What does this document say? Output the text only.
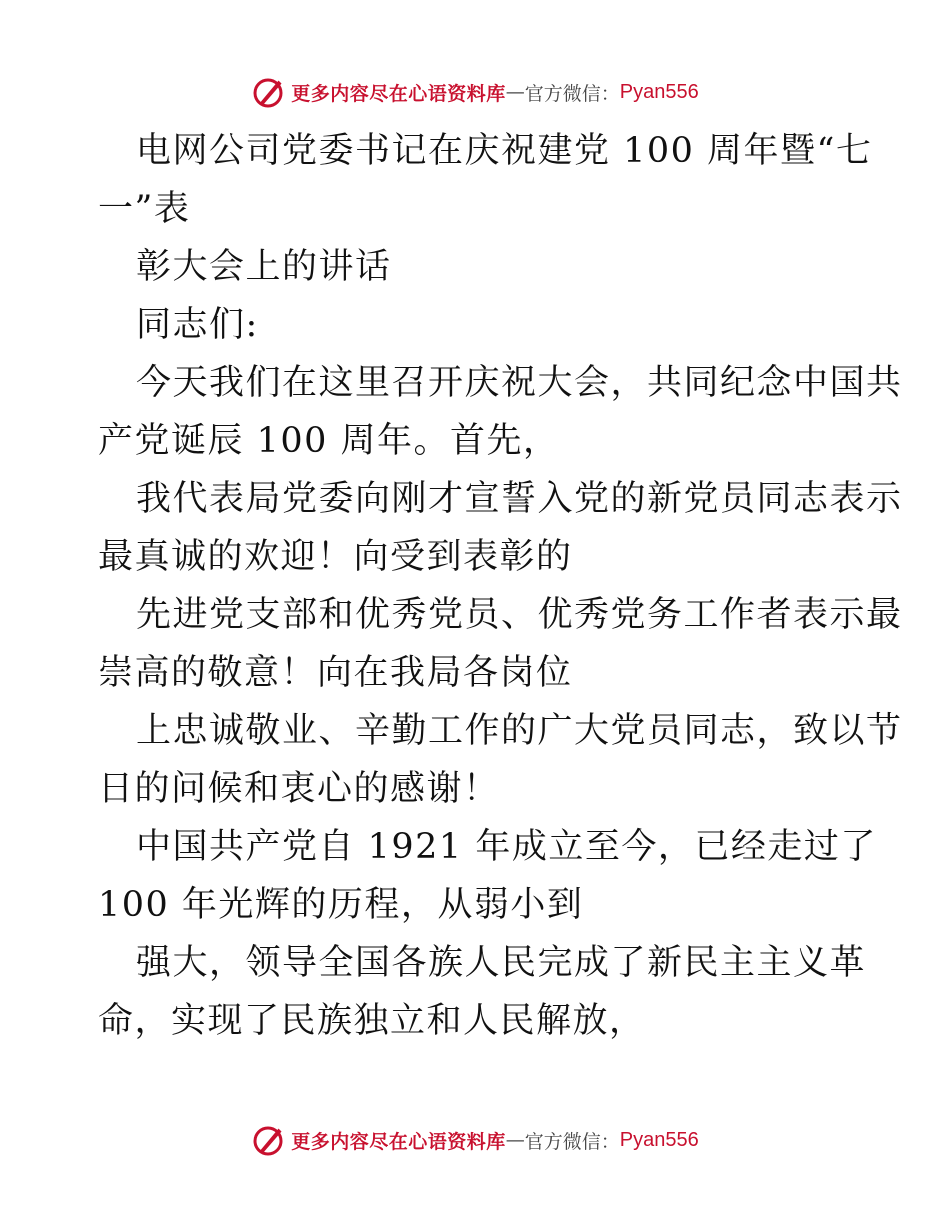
更多内容尽在心语资料库 — 官方微信： Pyan556
电网公司党委书记在庆祝建党 100 周年暨“七
一”表
彰大会上的讲话
同志们:
今天我们在这里召开庆祝大会，共同纪念中国共
产党诞辰 100 周年。首先，
我代表局党委向刚才宣誓入党的新党员同志表示
最真诚的欢迎！向受到表彰的
先进党支部和优秀党员、优秀党务工作者表示最
崇高的敬意！向在我局各岗位
上忠诚敬业、辛勤工作的广大党员同志，致以节
日的问候和衷心的感谢！
中国共产党自 1921 年成立至今，已经走过了
100 年光辉的历程，从弱小到
强大，领导全国各族人民完成了新民主主义革
命，实现了民族独立和人民解放，
更多内容尽在心语资料库 — 官方微信： Pyan556
